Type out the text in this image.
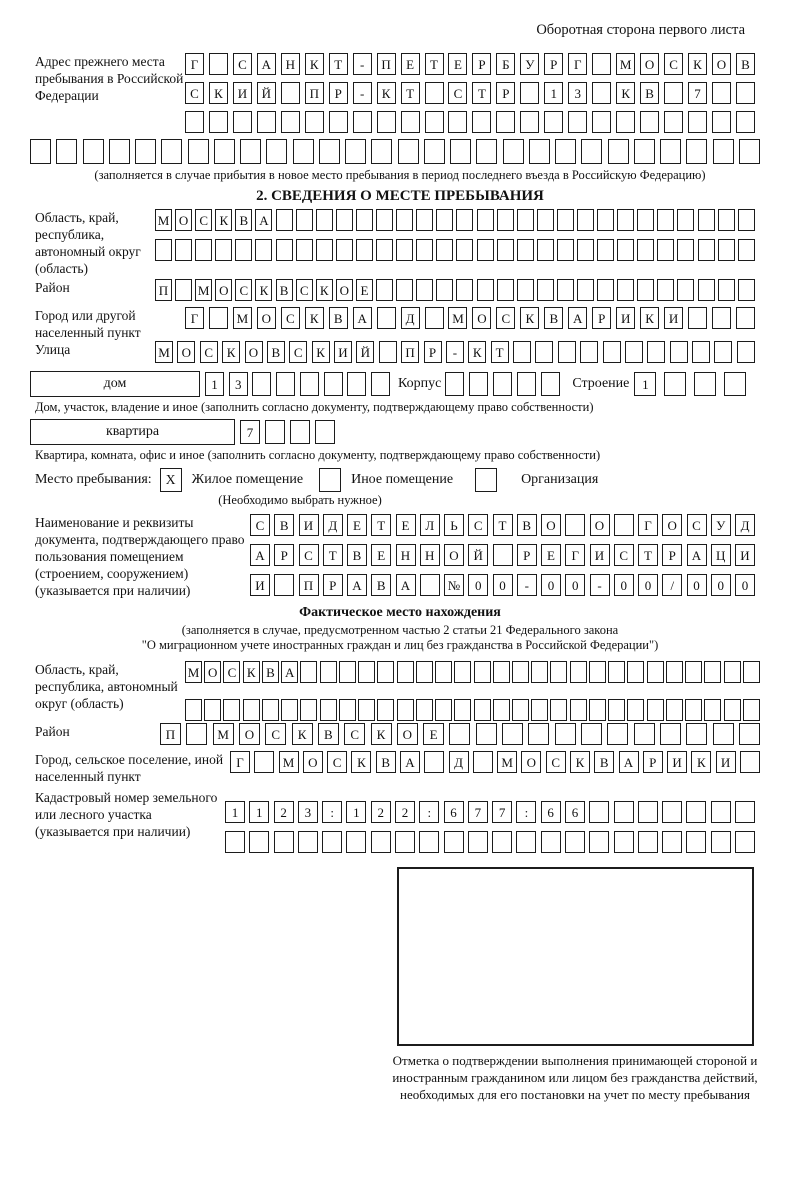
Оборотная сторона первого листа
Адрес прежнего места пребывания в Российской Федерации
Г	С	А	Н	К	Т	-	П	Е	Т	Е	Р	Б	У	Р	Г	М	О	С	К	О	В
С	К	И	Й	П	Р	-	К	Т	С	Т	Р	1	3	К	В	7
(заполняется в случае прибытия в новое место пребывания в период последнего въезда в Российскую Федерацию)
2. СВЕДЕНИЯ О МЕСТЕ ПРЕБЫВАНИЯ
Область, край, республика, автономный округ (область)
М О С К В А
Район	П М О С К В С К О Е
Город или другой населенный пункт
Г	М	О	С	К	В	А	Д	М	О	С	К	В	А	Р	И	К	И
Улица	М О	С	К	О	В	С	К	И Й	П	Р	-	К	Т
дом	1	3	Корпус	Строение 1
Дом, участок, владение и иное (заполнить согласно документу, подтверждающему право собственности)
квартира	7
Квартира, комната, офис и иное (заполнить согласно документу, подтверждающему право собственности)
Место пребывания:	X	Жилое помещение	Иное помещение	Организация
(Необходимо выбрать нужное)
Наименование и реквизиты документа, подтверждающего право пользования помещением (строением, сооружением) (указывается при наличии)
С	В	И	Д	Е	Т	Е	Л	Ь	С	Т	В	О	О	Г	О	С	У	Д
А	Р	С	Т	В	Е	Н	Н	О	Й	Р	Е	Г	И	С	Т	Р	А	Ц	И
И	П	Р	А	В	А	№	0	0	-	0	0	-	0	0	/	0	0	0
Фактическое место нахождения
(заполняется в случае, предусмотренном частью 2 статьи 21 Федерального закона
"О миграционном учете иностранных граждан и лиц без гражданства в Российской Федерации")
Область, край, республика, автономный округ (область)
М О С К В А
Район	П	М	О	С	К	В	С	К	О	Е
Город, сельское поселение, иной населенный пункт
Г	М	О	С	К	В	А	Д	М	О	С	К	В	А	Р	И	К	И
Кадастровый номер земельного или лесного участка (указывается при наличии)
1	1	2	3	:	1	2	2	:	6	7	7	:	6	6
Отметка о подтверждении выполнения принимающей стороной и иностранным гражданином или лицом без гражданства действий, необходимых для его постановки на учет по месту пребывания
